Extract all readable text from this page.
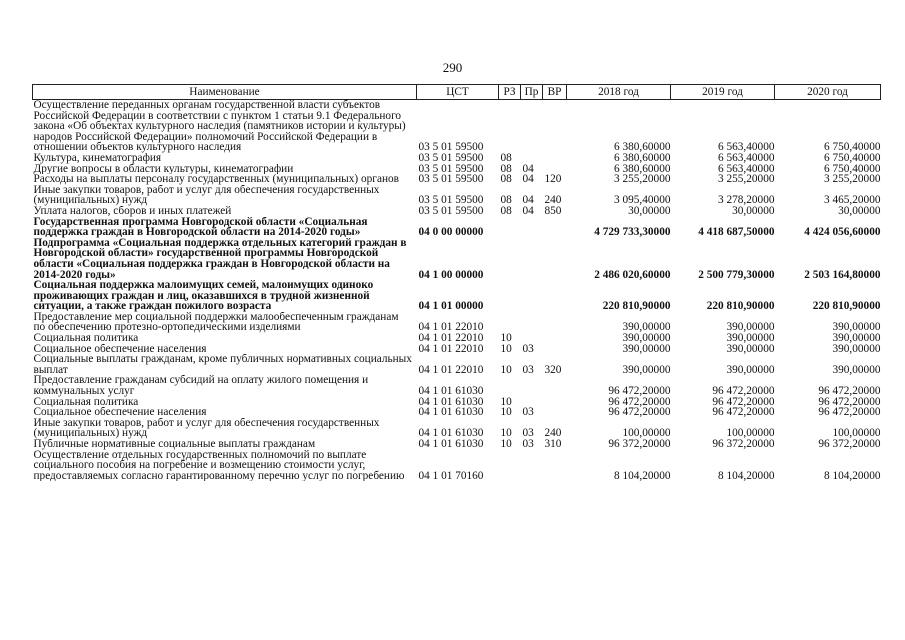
290
Наименование	ЦСТ	РЗ	Пр	ВР	2018 год	2019 год	2020 год
Осуществление переданных органам государственной власти субъектов Российской Федерации в соответствии с пунктом 1 статьи 9.1 Федерального закона «Об объектах культурного наследия (памятников истории и культуры) народов Российской Федерации» полномочий Российской Федерации в отношении объектов культурного наследия	03 5 01 59500				6 380,60000	6 563,40000	6 750,40000
Культура, кинематография	03 5 01 59500	08			6 380,60000	6 563,40000	6 750,40000
Другие вопросы в области культуры, кинематографии	03 5 01 59500	08	04		6 380,60000	6 563,40000	6 750,40000
Расходы на выплаты персоналу государственных (муниципальных) органов	03 5 01 59500	08	04	120	3 255,20000	3 255,20000	3 255,20000
Иные закупки товаров, работ и услуг для обеспечения государственных (муниципальных) нужд	03 5 01 59500	08	04	240	3 095,40000	3 278,20000	3 465,20000
Уплата налогов, сборов и иных платежей	03 5 01 59500	08	04	850	30,00000	30,00000	30,00000
Государственная программа Новгородской области «Социальная поддержка граждан в Новгородской области на 2014-2020 годы»	04 0 00 00000				4 729 733,30000	4 418 687,50000	4 424 056,60000
Подпрограмма «Социальная поддержка отдельных категорий граждан в Новгородской области» государственной программы Новгородской области «Социальная поддержка граждан в Новгородской области на 2014-2020 годы»	04 1 00 00000				2 486 020,60000	2 500 779,30000	2 503 164,80000
Социальная поддержка малоимущих семей, малоимущих одиноко проживающих граждан и лиц, оказавшихся в трудной жизненной ситуации, а также граждан пожилого возраста	04 1 01 00000				220 810,90000	220 810,90000	220 810,90000
Предоставление мер социальной поддержки малообеспеченным гражданам по обеспечению протезно-ортопедическими изделиями	04 1 01 22010				390,00000	390,00000	390,00000
Социальная политика	04 1 01 22010	10			390,00000	390,00000	390,00000
Социальное обеспечение населения	04 1 01 22010	10	03		390,00000	390,00000	390,00000
Социальные выплаты гражданам, кроме публичных нормативных социальных выплат	04 1 01 22010	10	03	320	390,00000	390,00000	390,00000
Предоставление гражданам субсидий на оплату жилого помещения и коммунальных услуг	04 1 01 61030				96 472,20000	96 472,20000	96 472,20000
Социальная политика	04 1 01 61030	10			96 472,20000	96 472,20000	96 472,20000
Социальное обеспечение населения	04 1 01 61030	10	03		96 472,20000	96 472,20000	96 472,20000
Иные закупки товаров, работ и услуг для обеспечения государственных (муниципальных) нужд	04 1 01 61030	10	03	240	100,00000	100,00000	100,00000
Публичные нормативные социальные выплаты гражданам	04 1 01 61030	10	03	310	96 372,20000	96 372,20000	96 372,20000
Осуществление отдельных государственных полномочий по выплате социального пособия на погребение и возмещению стоимости услуг, предоставляемых согласно гарантированному перечню услуг по погребению	04 1 01 70160				8 104,20000	8 104,20000	8 104,20000
